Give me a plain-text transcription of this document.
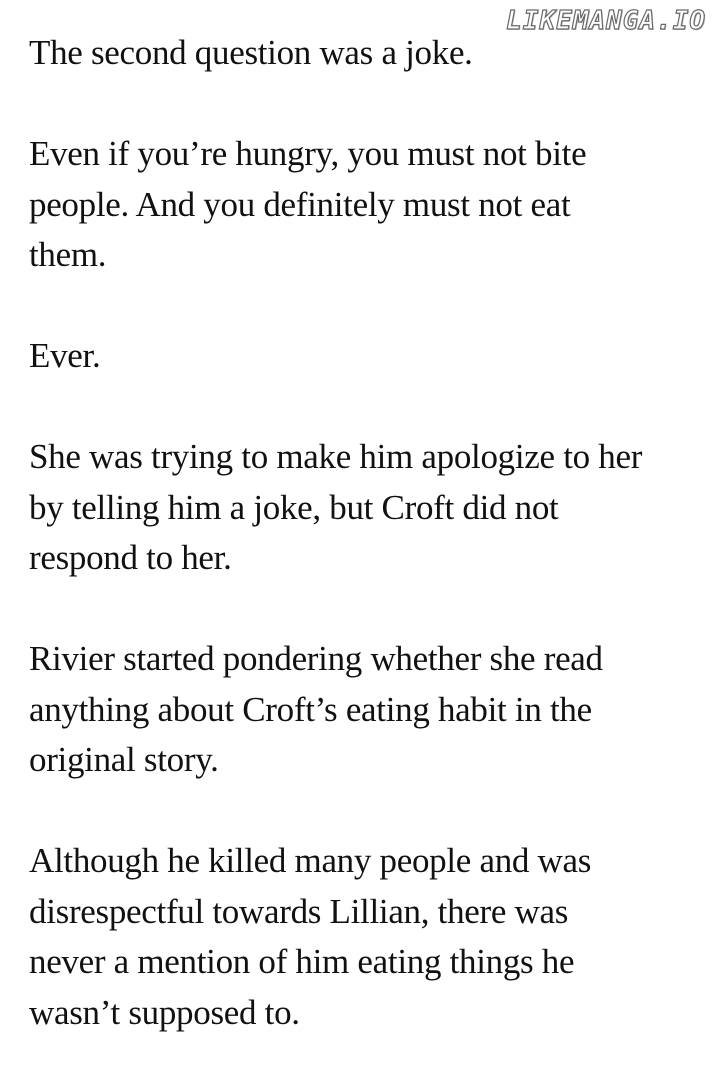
LIKEMANGA.IO

The second question was a joke.

Even if you’re hungry, you must not bite
people. And you definitely must not eat
them.

Ever.

She was trying to make him apologize to her
by telling him a joke, but Croft did not
respond to her.

Rivier started pondering whether she read
anything about Croft’s eating habit in the
original story.

Although he killed many people and was
disrespectful towards Lillian, there was
never a mention of him eating things he
wasn’t supposed to.
